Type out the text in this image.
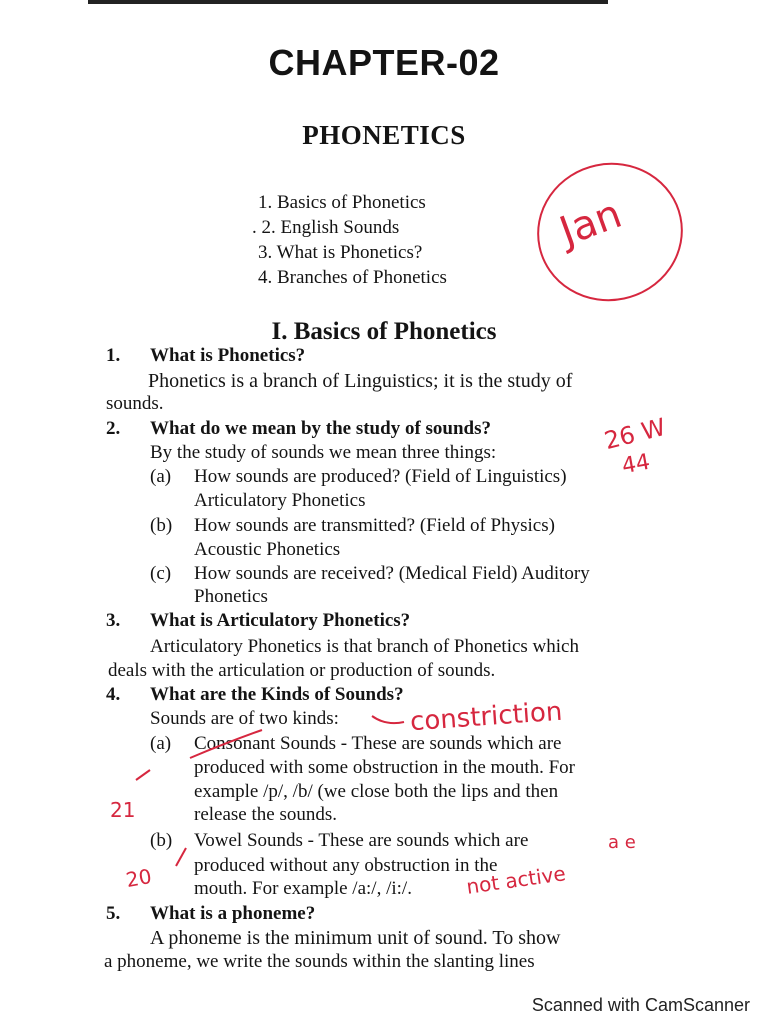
CHAPTER-02
PHONETICS
1. Basics of Phonetics
. 2. English Sounds
3. What is Phonetics?
4. Branches of Phonetics
I. Basics of Phonetics
1. What is Phonetics?
Phonetics is a branch of Linguistics; it is the study of
sounds.
2. What do we mean by the study of sounds?
By the study of sounds we mean three things:
(a) How sounds are produced? (Field of Linguistics)
Articulatory Phonetics
(b) How sounds are transmitted? (Field of Physics)
Acoustic Phonetics
(c) How sounds are received? (Medical Field) Auditory
Phonetics
3. What is Articulatory Phonetics?
Articulatory Phonetics is that branch of Phonetics which
deals with the articulation or production of sounds.
4. What are the Kinds of Sounds?
Sounds are of two kinds:
(a) Consonant Sounds - These are sounds which are
produced with some obstruction in the mouth. For
example /p/, /b/ (we close both the lips and then
release the sounds.
(b) Vowel Sounds - These are sounds which are
produced without any obstruction in the
mouth. For example /a:/, /i:/.
5. What is a phoneme?
A phoneme is the minimum unit of sound. To show
a phoneme, we write the sounds within the slanting lines
Jan
26 W
44
constriction
21
20
a e
not active
Scanned with CamScanner
